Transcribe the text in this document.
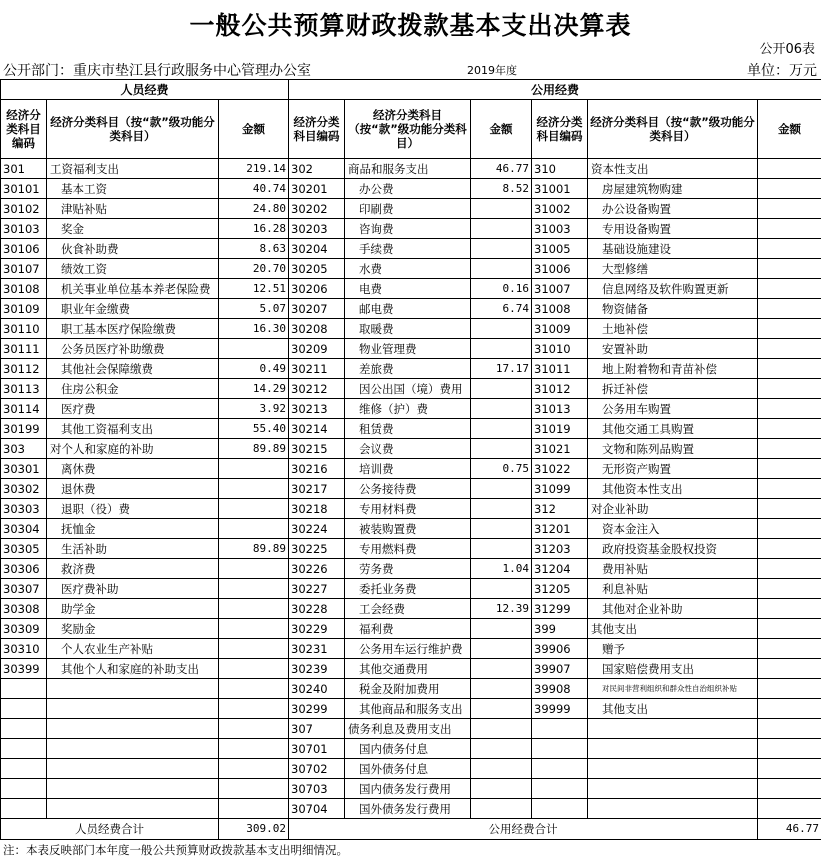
一般公共预算财政拨款基本支出决算表
公开06表
公开部门：重庆市垫江县行政服务中心管理办公室	2019年度	单位：万元
人员经费			公用经费					
经济分类科目编码	经济分类科目（按“款”级功能分类科目）	金额	经济分类科目编码	经济分类科目（按“款”级功能分类科目）	金额	经济分类科目编码	经济分类科目（按“款”级功能分类科目）	金额
301	工资福利支出	219.14	302	商品和服务支出	46.77	310	资本性支出	
30101	基本工资	40.74	30201	办公费	8.52	31001	房屋建筑物购建	
30102	津贴补贴	24.80	30202	印刷费		31002	办公设备购置	
30103	奖金	16.28	30203	咨询费		31003	专用设备购置	
30106	伙食补助费	8.63	30204	手续费		31005	基础设施建设	
30107	绩效工资	20.70	30205	水费		31006	大型修缮	
30108	机关事业单位基本养老保险费	12.51	30206	电费	0.16	31007	信息网络及软件购置更新	
30109	职业年金缴费	5.07	30207	邮电费	6.74	31008	物资储备	
30110	职工基本医疗保险缴费	16.30	30208	取暖费		31009	土地补偿	
30111	公务员医疗补助缴费		30209	物业管理费		31010	安置补助	
30112	其他社会保障缴费	0.49	30211	差旅费	17.17	31011	地上附着物和青苗补偿	
30113	住房公积金	14.29	30212	因公出国（境）费用		31012	拆迁补偿	
30114	医疗费	3.92	30213	维修（护）费		31013	公务用车购置	
30199	其他工资福利支出	55.40	30214	租赁费		31019	其他交通工具购置	
303	对个人和家庭的补助	89.89	30215	会议费		31021	文物和陈列品购置	
30301	离休费		30216	培训费	0.75	31022	无形资产购置	
30302	退休费		30217	公务接待费		31099	其他资本性支出	
30303	退职（役）费		30218	专用材料费		312	对企业补助	
30304	抚恤金		30224	被装购置费		31201	资本金注入	
30305	生活补助	89.89	30225	专用燃料费		31203	政府投资基金股权投资	
30306	救济费		30226	劳务费	1.04	31204	费用补贴	
30307	医疗费补助		30227	委托业务费		31205	利息补贴	
30308	助学金		30228	工会经费	12.39	31299	其他对企业补助	
30309	奖励金		30229	福利费		399	其他支出	
30310	个人农业生产补贴		30231	公务用车运行维护费		39906	赠予	
30399	其他个人和家庭的补助支出		30239	其他交通费用		39907	国家赔偿费用支出	
			30240	税金及附加费用		39908	对民间非营利组织和群众性自治组织补贴	
			30299	其他商品和服务支出		39999	其他支出	
			307	债务利息及费用支出				
			30701	国内债务付息				
			30702	国外债务付息				
			30703	国内债务发行费用				
			30704	国外债务发行费用				
人员经费合计		309.02	公用经费合计					46.77
注：本表反映部门本年度一般公共预算财政拨款基本支出明细情况。
